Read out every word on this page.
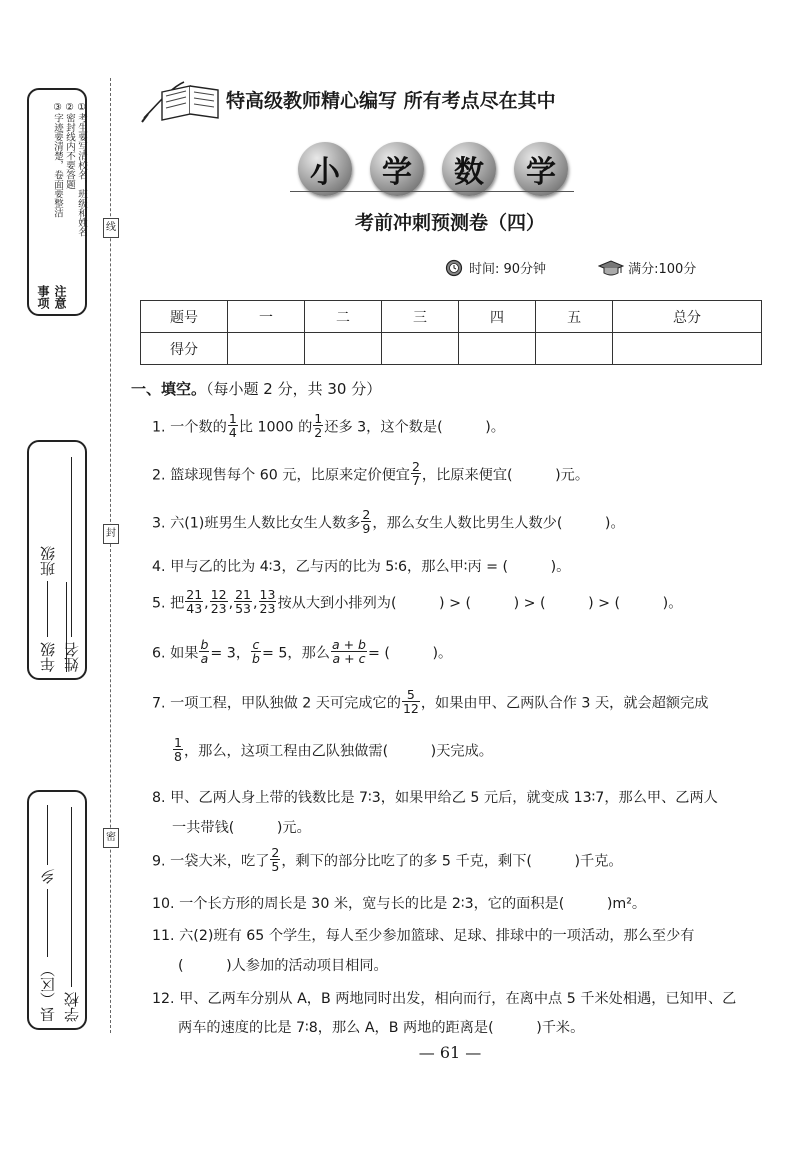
注意事项
①考生要写清校名，班级和姓名
②密封线内不要答题
③字迹要清楚，卷面要整洁
年级  班级
姓名
县（区）  乡
学校
线
封
密
特高级教师精心编写 所有考点尽在其中
小	学	数	学
考前冲刺预测卷（四）
时间: 90分钟	满分:100分
题号	一	二	三	四	五	总分
得分						
一、填空。（每小题 2 分，共 30 分）
1. 一个数的 $\frac{1}{4}$ 比 1000 的 $\frac{1}{2}$ 还多 3，这个数是(　　　)。
2. 篮球现售每个 60 元，比原来定价便宜 $\frac{2}{7}$ ，比原来便宜(　　　)元。
3. 六(1)班男生人数比女生人数多 $\frac{2}{9}$ ，那么女生人数比男生人数少(　　　)。
4. 甲与乙的比为 4∶3，乙与丙的比为 5∶6，那么甲∶丙 = (　　　)。
5. 把 $\frac{21}{43}$ , $\frac{12}{23}$ , $\frac{21}{53}$ , $\frac{13}{23}$ 按从大到小排列为(　　　) > (　　　) > (　　　) > (　　　)。
6. 如果 $\frac{b}{a} = 3$， $\frac{c}{b} = 5$，那么 $\frac{a + b}{a + c}$ = (　　　)。
7. 一项工程，甲队独做 2 天可完成它的 $\frac{5}{12}$ ，如果由甲、乙两队合作 3 天，就会超额完成
$\frac{1}{8}$ ，那么，这项工程由乙队独做需(　　　)天完成。
8. 甲、乙两人身上带的钱数比是 7∶3，如果甲给乙 5 元后，就变成 13∶7，那么甲、乙两人
一共带钱(　　　)元。
9. 一袋大米，吃了 $\frac{2}{5}$ ，剩下的部分比吃了的多 5 千克，剩下(　　　)千克。
10. 一个长方形的周长是 30 米，宽与长的比是 2∶3，它的面积是(　　　)m²。
11. 六(2)班有 65 个学生，每人至少参加篮球、足球、排球中的一项活动，那么至少有
(　　　)人参加的活动项目相同。
12. 甲、乙两车分别从 A，B 两地同时出发，相向而行，在离中点 5 千米处相遇，已知甲、乙
两车的速度的比是 7∶8，那么 A，B 两地的距离是(　　　)千米。
— 61 —
